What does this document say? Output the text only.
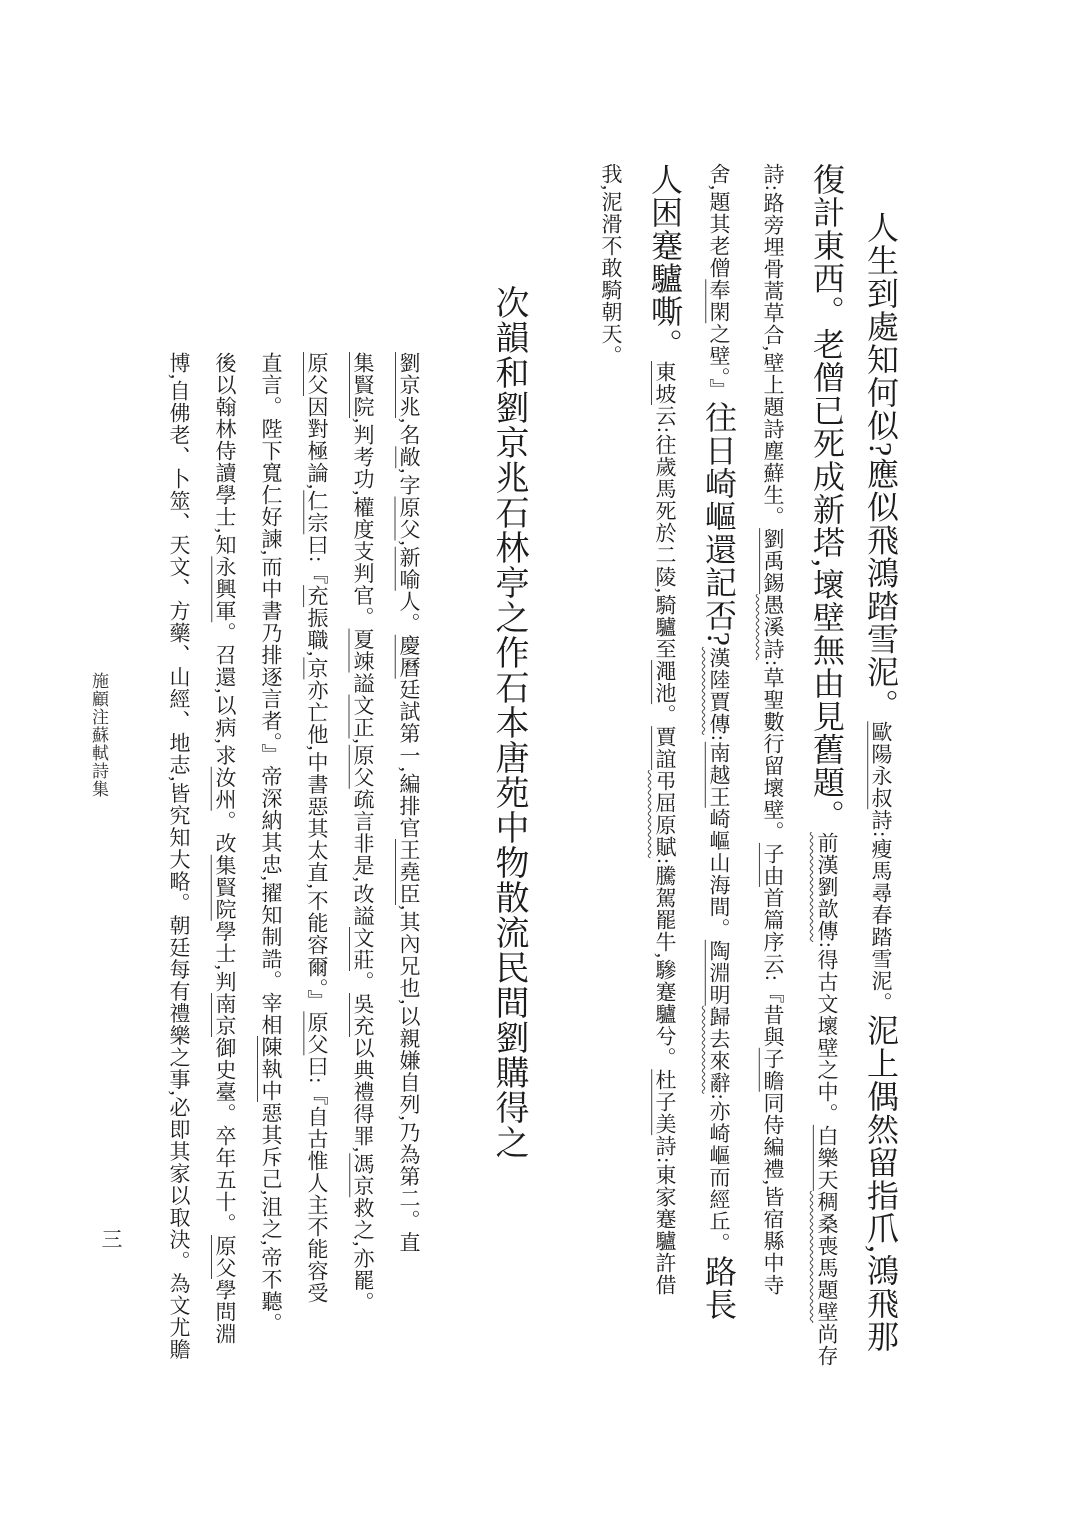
人生到處知何似?應似飛鴻踏雪泥。歐陽永叔詩:瘦馬尋春踏雪泥。泥上偶然留指爪,鴻飛那
復計東西。老僧已死成新塔,壞壁無由見舊題。前漢劉歆傳:得古文壞壁之中。白樂天稠桑喪馬題壁尚存
詩:路旁埋骨蒿草合,壁上題詩塵蘚生。劉禹錫愚溪詩:草聖數行留壞壁。子由首篇序云:『昔與子瞻同侍編禮,皆宿縣中寺
舍,題其老僧奉閑之壁。』往日崎嶇還記否?漢陸賈傳:南越王崎嶇山海間。陶淵明歸去來辭:亦崎嶇而經丘。路長
人困蹇驢嘶。東坡云:往歲馬死於二陵,騎驢至澠池。賈誼弔屈原賦:騰駕罷牛,驂蹇驢兮。杜子美詩:東家蹇驢許借
我,泥滑不敢騎朝天。
次韻和劉京兆石林亭之作石本唐苑中物散流民間劉購得之
劉京兆,名敞,字原父,新喻人。慶曆廷試第一,編排官王堯臣,其內兄也,以親嫌自列,乃為第二。直
集賢院,判考功,權度支判官。夏竦謚文正,原父疏言非是,改謚文莊。吳充以典禮得罪,馮京救之,亦罷。
原父因對極論,仁宗曰:『充振職,京亦亡他,中書惡其太直,不能容爾。』原父曰:『自古惟人主不能容受
直言。陛下寬仁好諫,而中書乃排逐言者。』帝深納其忠,擢知制誥。宰相陳執中惡其斥己,沮之,帝不聽。
後以翰林侍讀學士,知永興軍。召還,以病,求汝州。改集賢院學士,判南京御史臺。卒年五十。原父學問淵
博,自佛老、卜筮、天文、方藥、山經、地志,皆究知大略。朝廷每有禮樂之事,必即其家以取決。為文尤贍
施顧注蘇軾詩集
三
